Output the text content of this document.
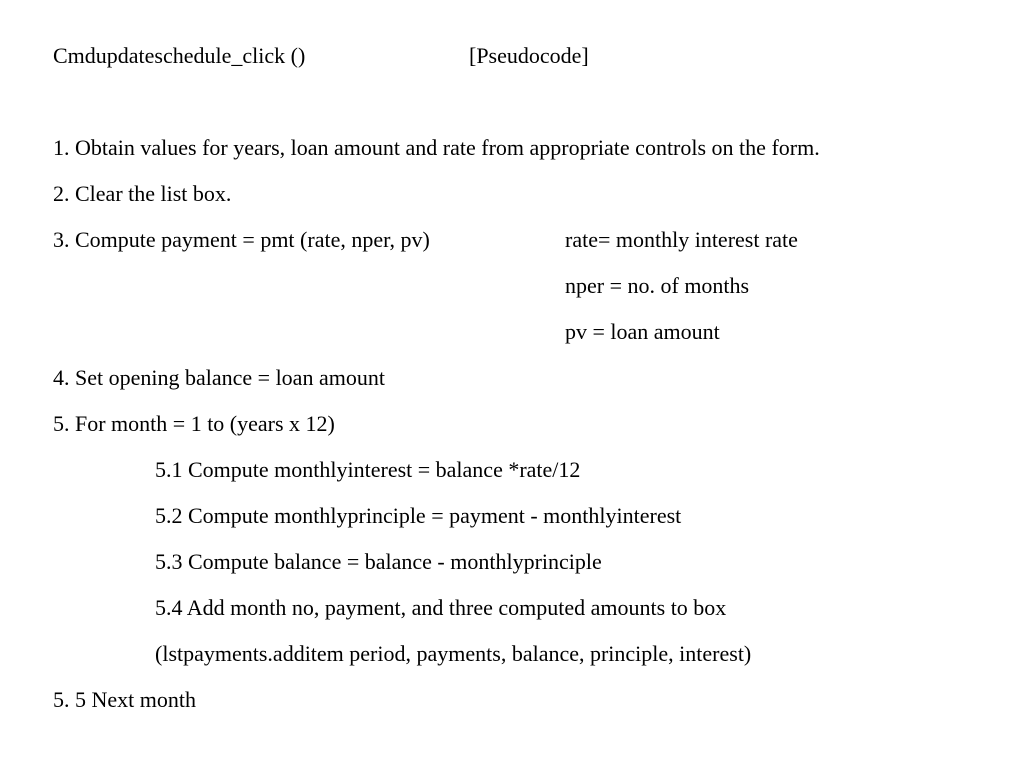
Cmdupdateschedule_click ()	[Pseudocode]
1. Obtain values for years, loan amount and rate from appropriate controls on the form.
2. Clear the list box.
3. Compute payment = pmt (rate, nper, pv)	rate= monthly interest rate
nper = no. of months
pv = loan amount
4. Set opening balance = loan amount
5. For month = 1 to (years x 12)
5.1 Compute monthlyinterest = balance *rate/12
5.2 Compute monthlyprinciple = payment - monthlyinterest
5.3 Compute balance = balance - monthlyprinciple
5.4 Add month no, payment, and three computed amounts to box
(lstpayments.additem period, payments, balance, principle, interest)
5. 5 Next month
